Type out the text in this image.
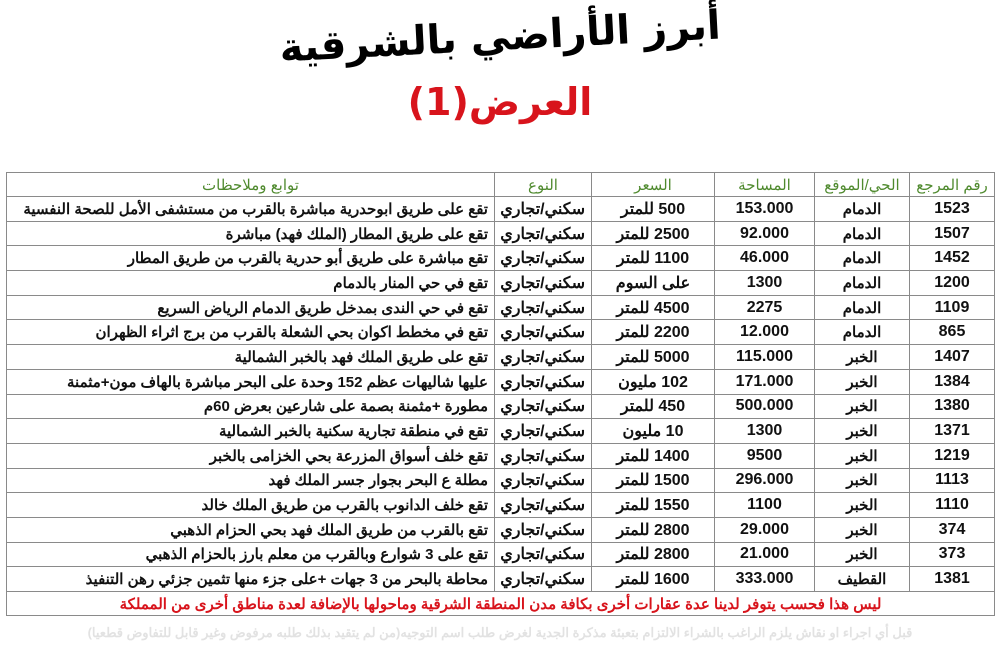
أبرز الأراضي بالشرقية
العرض(1)
رقم المرجع	الحي/الموقع	المساحة	السعر	النوع	توابع وملاحظات
1523	الدمام	153.000	500 للمتر	سكني/تجاري	تقع على طريق ابوحدرية مباشرة بالقرب من مستشفى الأمل للصحة النفسية
1507	الدمام	92.000	2500 للمتر	سكني/تجاري	تقع على طريق المطار (الملك فهد) مباشرة
1452	الدمام	46.000	1100 للمتر	سكني/تجاري	تقع مباشرة على طريق أبو حدرية بالقرب من طريق المطار
1200	الدمام	1300	على السوم	سكني/تجاري	تقع في حي المنار بالدمام
1109	الدمام	2275	4500 للمتر	سكني/تجاري	تقع في حي الندى بمدخل طريق الدمام الرياض السريع
865	الدمام	12.000	2200 للمتر	سكني/تجاري	تقع في مخطط اكوان بحي الشعلة بالقرب من برج اثراء الظهران
1407	الخبر	115.000	5000 للمتر	سكني/تجاري	تقع على طريق الملك فهد بالخبر الشمالية
1384	الخبر	171.000	102 مليون	سكني/تجاري	عليها شاليهات عظم 152 وحدة على البحر مباشرة بالهاف مون+مثمنة
1380	الخبر	500.000	450 للمتر	سكني/تجاري	مطورة +مثمنة بصمة على شارعين بعرض 60م
1371	الخبر	1300	10 مليون	سكني/تجاري	تقع في منطقة تجارية سكنية بالخبر الشمالية
1219	الخبر	9500	1400 للمتر	سكني/تجاري	تقع خلف أسواق المزرعة بحي الخزامى بالخبر
1113	الخبر	296.000	1500 للمتر	سكني/تجاري	مطلة ع البحر بجوار جسر الملك فهد
1110	الخبر	1100	1550 للمتر	سكني/تجاري	تقع خلف الدانوب بالقرب من طريق الملك خالد
374	الخبر	29.000	2800 للمتر	سكني/تجاري	تقع بالقرب من طريق الملك فهد بحي الحزام الذهبي
373	الخبر	21.000	2800 للمتر	سكني/تجاري	تقع على 3 شوارع وبالقرب من معلم بارز بالحزام الذهبي
1381	القطيف	333.000	1600 للمتر	سكني/تجاري	محاطة بالبحر من 3 جهات +على جزء منها تثمين جزئي رهن التنفيذ
ليس هذا فحسب يتوفر لدينا عدة عقارات أخرى بكافة مدن المنطقة الشرقية وماحولها بالإضافة لعدة مناطق أخرى من المملكة					
قبل أي اجراء او نقاش يلزم الراغب بالشراء الالتزام بتعبئة مذكرة الجدية لغرض طلب اسم التوجيه(من لم يتقيد بذلك طلبه مرفوض وغير قابل للتفاوض قطعيا)
